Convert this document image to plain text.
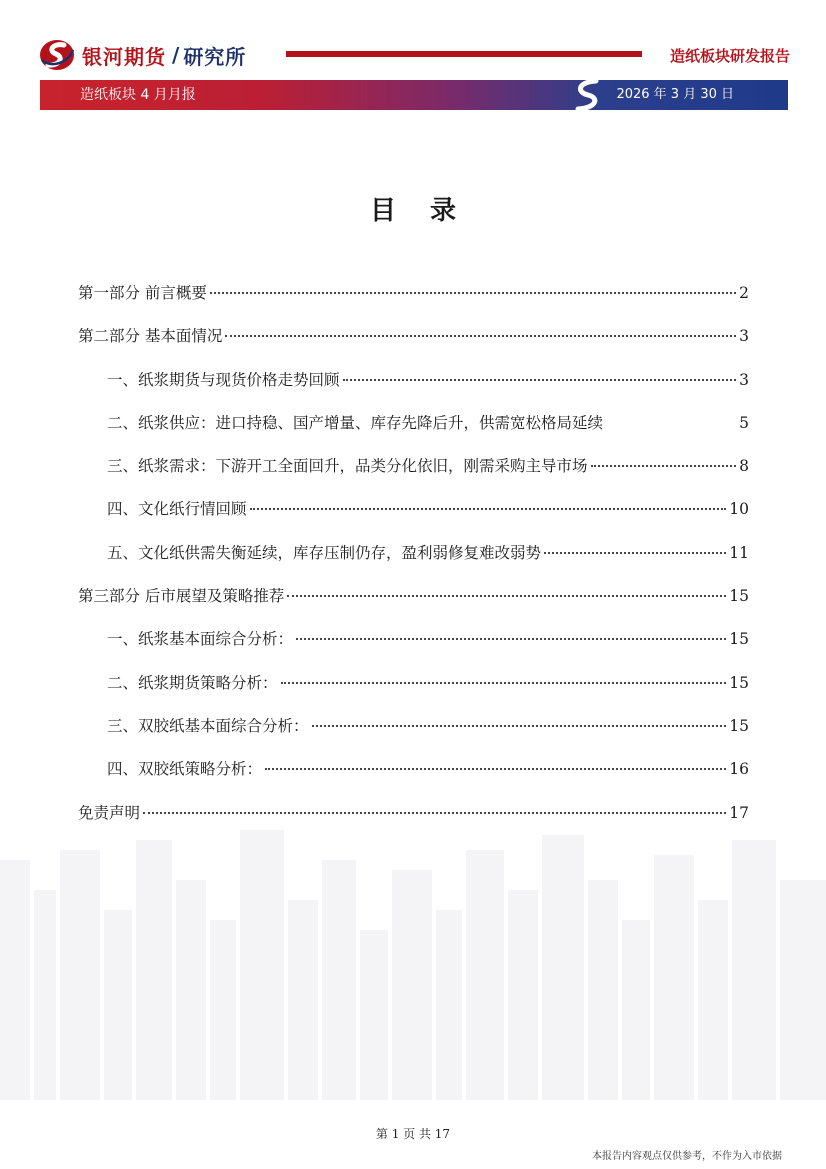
银河期货 / 研究所	造纸板块研发报告
造纸板块 4 月月报	2026 年 3 月 30 日
目录
第一部分 前言概要	2
第二部分 基本面情况	3
一、纸浆期货与现货价格走势回顾	3
二、纸浆供应：进口持稳、国产增量、库存先降后升，供需宽松格局延续	5
三、纸浆需求：下游开工全面回升，品类分化依旧，刚需采购主导市场	8
四、文化纸行情回顾	10
五、文化纸供需失衡延续，库存压制仍存，盈利弱修复难改弱势	11
第三部分 后市展望及策略推荐	15
一、纸浆基本面综合分析：	15
二、纸浆期货策略分析：	15
三、双胶纸基本面综合分析：	15
四、双胶纸策略分析：	16
免责声明	17
第 1 页 共 17
本报告内容观点仅供参考，不作为入市依据
